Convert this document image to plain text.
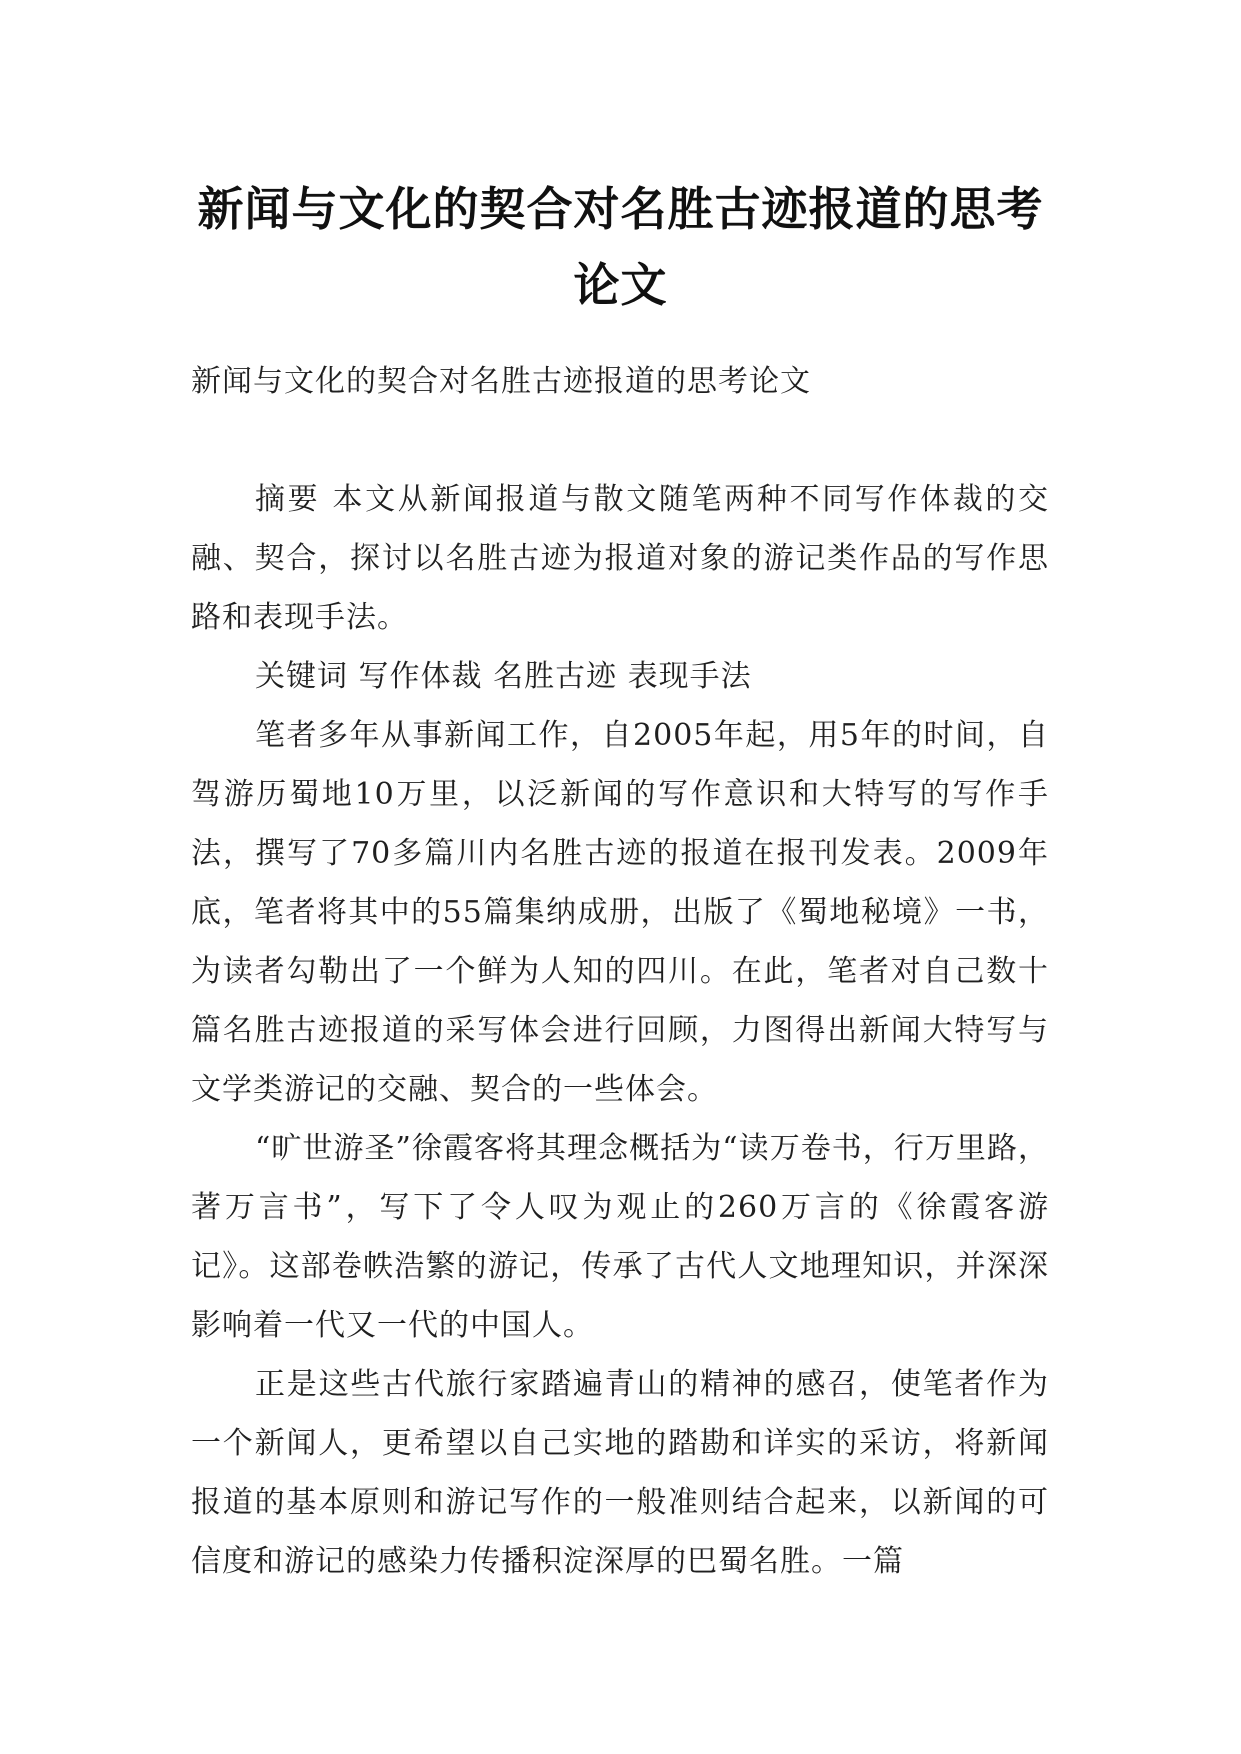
新闻与文化的契合对名胜古迹报道的思考
论文

新闻与文化的契合对名胜古迹报道的思考论文

摘要 本文从新闻报道与散文随笔两种不同写作体裁的交融、契合，探讨以名胜古迹为报道对象的游记类作品的写作思路和表现手法。

关键词 写作体裁 名胜古迹 表现手法

笔者多年从事新闻工作，自2005年起，用5年的时间，自驾游历蜀地10万里，以泛新闻的写作意识和大特写的写作手法，撰写了70多篇川内名胜古迹的报道在报刊发表。2009年底，笔者将其中的55篇集纳成册，出版了《蜀地秘境》一书，为读者勾勒出了一个鲜为人知的四川。在此，笔者对自己数十篇名胜古迹报道的采写体会进行回顾，力图得出新闻大特写与文学类游记的交融、契合的一些体会。

“旷世游圣”徐霞客将其理念概括为“读万卷书，行万里路，著万言书”，写下了令人叹为观止的260万言的《徐霞客游记》。这部卷帙浩繁的游记，传承了古代人文地理知识，并深深影响着一代又一代的中国人。

正是这些古代旅行家踏遍青山的精神的感召，使笔者作为一个新闻人，更希望以自己实地的踏勘和详实的采访，将新闻报道的基本原则和游记写作的一般准则结合起来，以新闻的可信度和游记的感染力传播积淀深厚的巴蜀名胜。一篇
